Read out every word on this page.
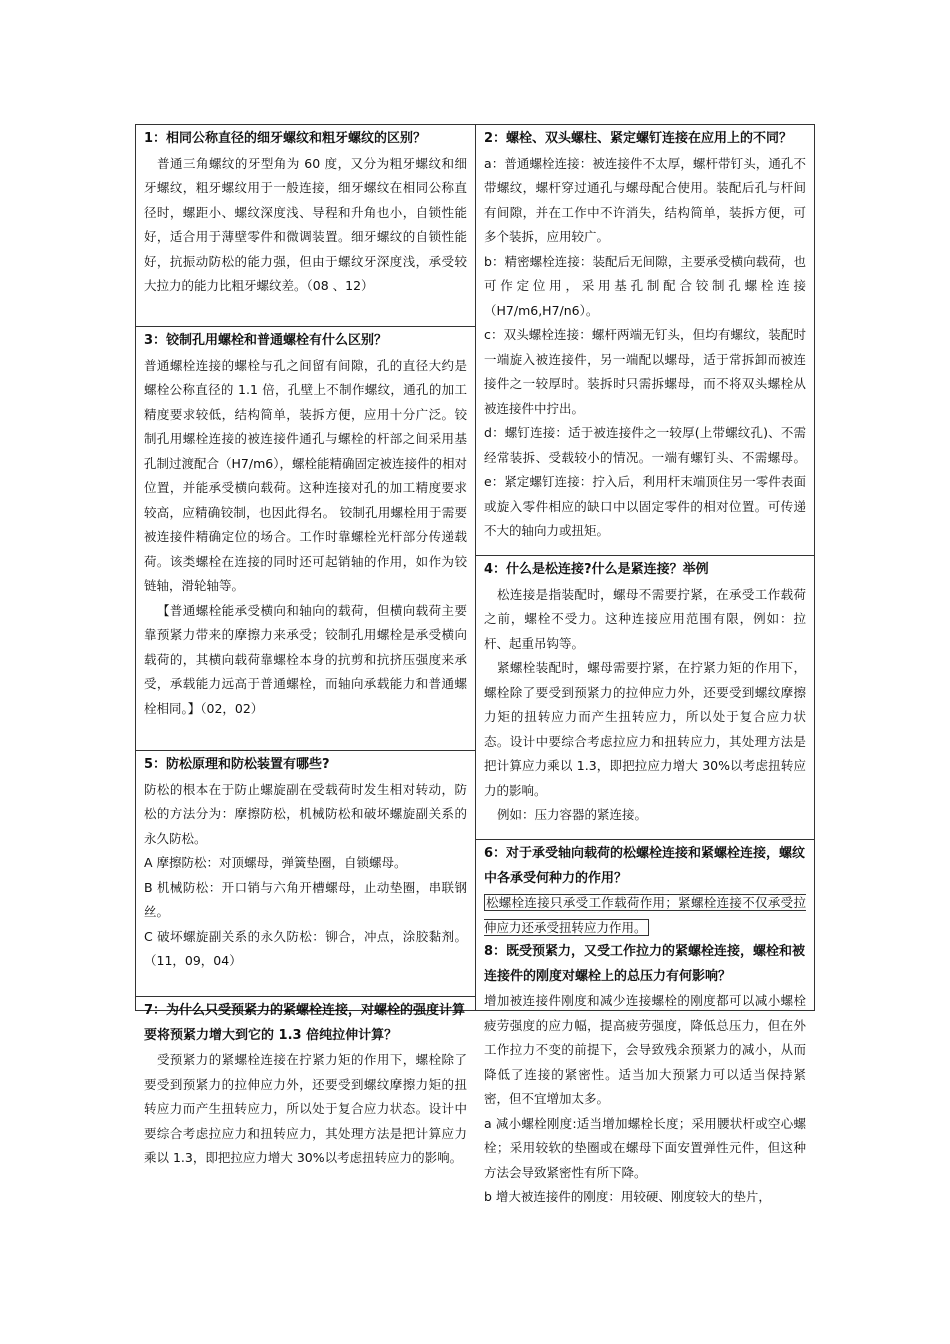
1：相同公称直径的细牙螺纹和粗牙螺纹的区别？

普通三角螺纹的牙型角为 60 度，又分为粗牙螺纹和细牙螺纹，粗牙螺纹用于一般连接，细牙螺纹在相同公称直径时，螺距小、螺纹深度浅、导程和升角也小，自锁性能好，适合用于薄壁零件和微调装置。细牙螺纹的自锁性能好，抗振动防松的能力强，但由于螺纹牙深度浅，承受较大拉力的能力比粗牙螺纹差。（08 、12）

3：铰制孔用螺栓和普通螺栓有什么区别？

普通螺栓连接的螺栓与孔之间留有间隙，孔的直径大约是螺栓公称直径的 1.1 倍，孔壁上不制作螺纹，通孔的加工精度要求较低，结构简单，装拆方便，应用十分广泛。铰制孔用螺栓连接的被连接件通孔与螺栓的杆部之间采用基孔制过渡配合（H7/m6），螺栓能精确固定被连接件的相对位置，并能承受横向载荷。这种连接对孔的加工精度要求较高，应精确铰制，也因此得名。 铰制孔用螺栓用于需要被连接件精确定位的场合。工作时靠螺栓光杆部分传递载荷。该类螺栓在连接的同时还可起销轴的作用，如作为铰链轴，滑轮轴等。

【普通螺栓能承受横向和轴向的载荷，但横向载荷主要靠预紧力带来的摩擦力来承受；铰制孔用螺栓是承受横向载荷的，其横向载荷靠螺栓本身的抗剪和抗挤压强度来承受，承载能力远高于普通螺栓，而轴向承载能力和普通螺栓相同。】（02，02）

5：防松原理和防松装置有哪些?

防松的根本在于防止螺旋副在受载荷时发生相对转动，防松的方法分为：摩擦防松，机械防松和破坏螺旋副关系的永久防松。

A 摩擦防松：对顶螺母，弹簧垫圈，自锁螺母。

B 机械防松：开口销与六角开槽螺母，止动垫圈，串联钢丝。

C 破坏螺旋副关系的永久防松：铆合，冲点，涂胶黏剂。（11，09，04）

7：为什么只受预紧力的紧螺栓连接，对螺栓的强度计算要将预紧力增大到它的 1.3 倍纯拉伸计算？

受预紧力的紧螺栓连接在拧紧力矩的作用下，螺栓除了要受到预紧力的拉伸应力外，还要受到螺纹摩擦力矩的扭转应力而产生扭转应力，所以处于复合应力状态。设计中要综合考虑拉应力和扭转应力，其处理方法是把计算应力乘以 1.3，即把拉应力增大 30%以考虑扭转应力的影响。

2：螺栓、双头螺柱、紧定螺钉连接在应用上的不同？

a：普通螺栓连接：被连接件不太厚，螺杆带钉头，通孔不带螺纹，螺杆穿过通孔与螺母配合使用。装配后孔与杆间有间隙，并在工作中不许消失，结构简单，装拆方便，可多个装拆，应用较广。

b：精密螺栓连接：装配后无间隙，主要承受横向载荷，也可作定位用，采用基孔制配合铰制孔螺栓连接（H7/m6,H7/n6）。

c：双头螺栓连接：螺杆两端无钉头，但均有螺纹，装配时一端旋入被连接件，另一端配以螺母，适于常拆卸而被连接件之一较厚时。装拆时只需拆螺母，而不将双头螺栓从被连接件中拧出。

d：螺钉连接：适于被连接件之一较厚(上带螺纹孔)、不需经常装拆、受载较小的情况。一端有螺钉头、不需螺母。e：紧定螺钉连接：拧入后，利用杆末端顶住另一零件表面或旋入零件相应的缺口中以固定零件的相对位置。可传递不大的轴向力或扭矩。

4：什么是松连接?什么是紧连接？举例

松连接是指装配时，螺母不需要拧紧，在承受工作载荷之前，螺栓不受力。这种连接应用范围有限，例如：拉杆、起重吊钩等。

紧螺栓装配时，螺母需要拧紧，在拧紧力矩的作用下，螺栓除了要受到预紧力的拉伸应力外，还要受到螺纹摩擦力矩的扭转应力而产生扭转应力，所以处于复合应力状态。设计中要综合考虑拉应力和扭转应力，其处理方法是把计算应力乘以 1.3，即把拉应力增大 30%以考虑扭转应力的影响。

例如：压力容器的紧连接。

6：对于承受轴向载荷的松螺栓连接和紧螺栓连接，螺纹中各承受何种力的作用？

松螺栓连接只承受工作载荷作用；紧螺栓连接不仅承受拉伸应力还承受扭转应力作用。

8：既受预紧力，又受工作拉力的紧螺栓连接，螺栓和被连接件的刚度对螺栓上的总压力有何影响？

增加被连接件刚度和减少连接螺栓的刚度都可以减小螺栓疲劳强度的应力幅，提高疲劳强度，降低总压力，但在外工作拉力不变的前提下，会导致残余预紧力的减小，从而降低了连接的紧密性。适当加大预紧力可以适当保持紧密，但不宜增加太多。

a 减小螺栓刚度:适当增加螺栓长度；采用腰状杆或空心螺栓；采用较软的垫圈或在螺母下面安置弹性元件，但这种方法会导致紧密性有所下降。

b 增大被连接件的刚度：用较硬、刚度较大的垫片，
